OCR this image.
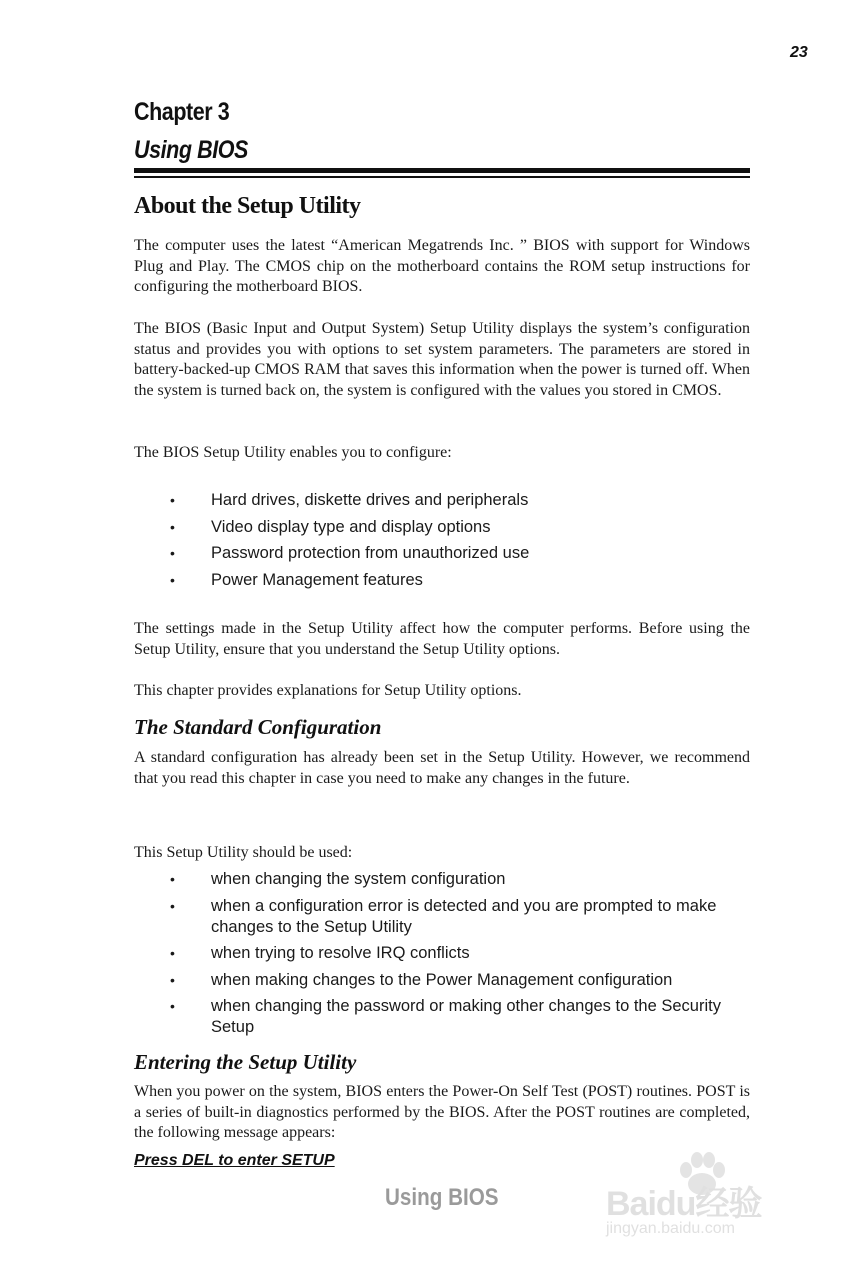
23
Chapter 3
Using BIOS
About the Setup Utility

The computer uses the latest “American Megatrends Inc. ” BIOS with support for Windows Plug and Play. The CMOS chip on the motherboard contains the ROM setup instructions for configuring the motherboard BIOS.

The BIOS (Basic Input and Output System) Setup Utility displays the system’s configuration status and provides you with options to set system parameters. The parameters are stored in battery-backed-up CMOS RAM that saves this information when the power is turned off. When the system is turned back on, the system is configured with the values you stored in CMOS.

The BIOS Setup Utility enables you to configure:

• Hard drives, diskette drives and peripherals
• Video display type and display options
• Password protection from unauthorized use
• Power Management features

The settings made in the Setup Utility affect how the computer performs. Before using the Setup Utility, ensure that you understand the Setup Utility options.

This chapter provides explanations for Setup Utility options.

The Standard Configuration

A standard configuration has already been set in the Setup Utility. However, we recommend that you read this chapter in case you need to make any changes in the future.

This Setup Utility should be used:

• when changing the system configuration
• when a configuration error is detected and you are prompted to make changes to the Setup Utility
• when trying to resolve IRQ conflicts
• when making changes to the Power Management configuration
• when changing the password or making other changes to the Security Setup
Entering the Setup Utility

When you power on the system, BIOS enters the Power-On Self Test (POST) routines. POST is a series of built-in diagnostics performed by the BIOS. After the POST routines are completed, the following message appears:

Press DEL to enter SETUP
Using BIOS	Baidu经验
jingyan.baidu.com
